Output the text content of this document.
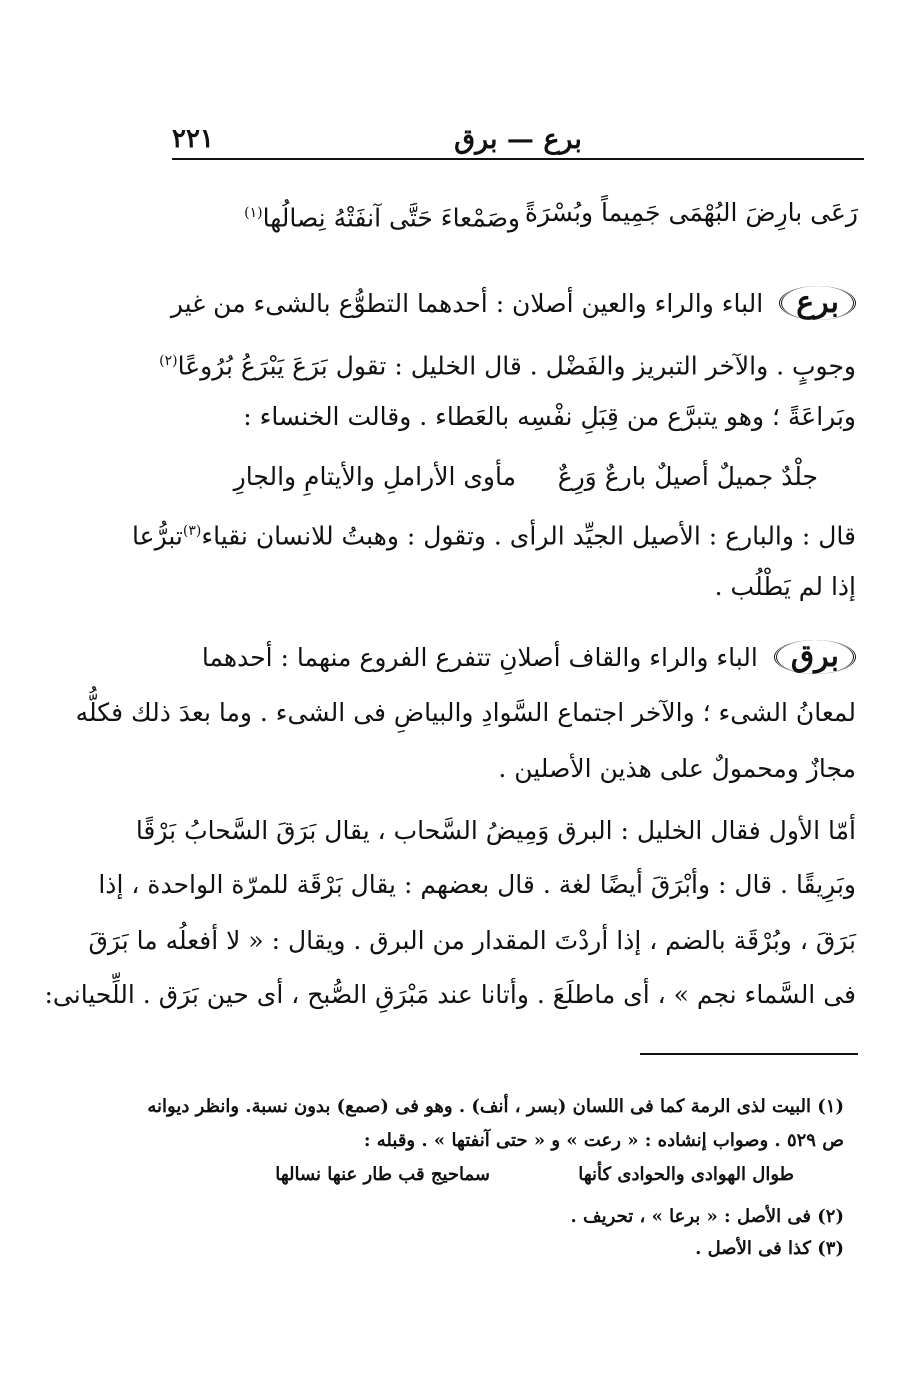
برع — برق
٢٢١
رَعَى بارِضَ البُهْمَى جَمِيماً وبُسْرَةً
وصَمْعاءَ حَتَّى آنفَتْهُ نِصالُها$^{(١)}$
برع الباء والراء والعين أصلان : أحدهما التطوُّع بالشىء من غير
وجوبٍ . والآخر التبريز والفَضْل . قال الخليل : تقول بَرَعَ يَبْرَعُ بُرُوعًا$^{(٢)}$
وبَراعَةً ؛ وهو يتبرَّع من قِبَلِ نفْسِه بالعَطاء . وقالت الخنساء :
جلْدٌ جميلٌ أصيلٌ بارعٌ وَرِعٌ
مأوى الأراملِ والأيتامِ والجارِ
قال : والبارع : الأصيل الجيِّد الرأى . وتقول : وهبتُ للانسان نقياء$^{(٣)}$تبرُّعا
إذا لم يَطْلُب .
برق الباء والراء والقاف أصلانِ تتفرع الفروع منهما : أحدهما
لمعانُ الشىء ؛ والآخر اجتماع السَّوادِ والبياضِ فى الشىء . وما بعدَ ذلك فكلُّه
مجازٌ ومحمولٌ على هذين الأصلين .
أمّا الأول فقال الخليل : البرق وَمِيضُ السَّحاب ، يقال بَرَقَ السَّحابُ بَرْقًا
وبَرِيقًا . قال : وأبْرَقَ أيضًا لغة . قال بعضهم : يقال بَرْقَة للمرّة الواحدة ، إذا
بَرَقَ ، وبُرْقَة بالضم ، إذا أردْتَ المقدار من البرق . ويقال : « لا أفعلُه ما بَرَقَ
فى السَّماء نجم » ، أى ماطلَعَ . وأتانا عند مَبْرَقِ الصُّبح ، أى حين بَرَق . اللِّحيانى:
(١) البيت لذى الرمة كما فى اللسان (بسر ، أنف) . وهو فى (صمع) بدون نسبة. وانظر ديوانه
ص ٥٢٩ . وصواب إنشاده : « رعت » و « حتى آنفتها » . وقبله :
طوال الهوادى والحوادى كأنها
سماحيج قب طار عنها نسالها
(٢) فى الأصل : « برعا » ، تحريف .
(٣) كذا فى الأصل .
